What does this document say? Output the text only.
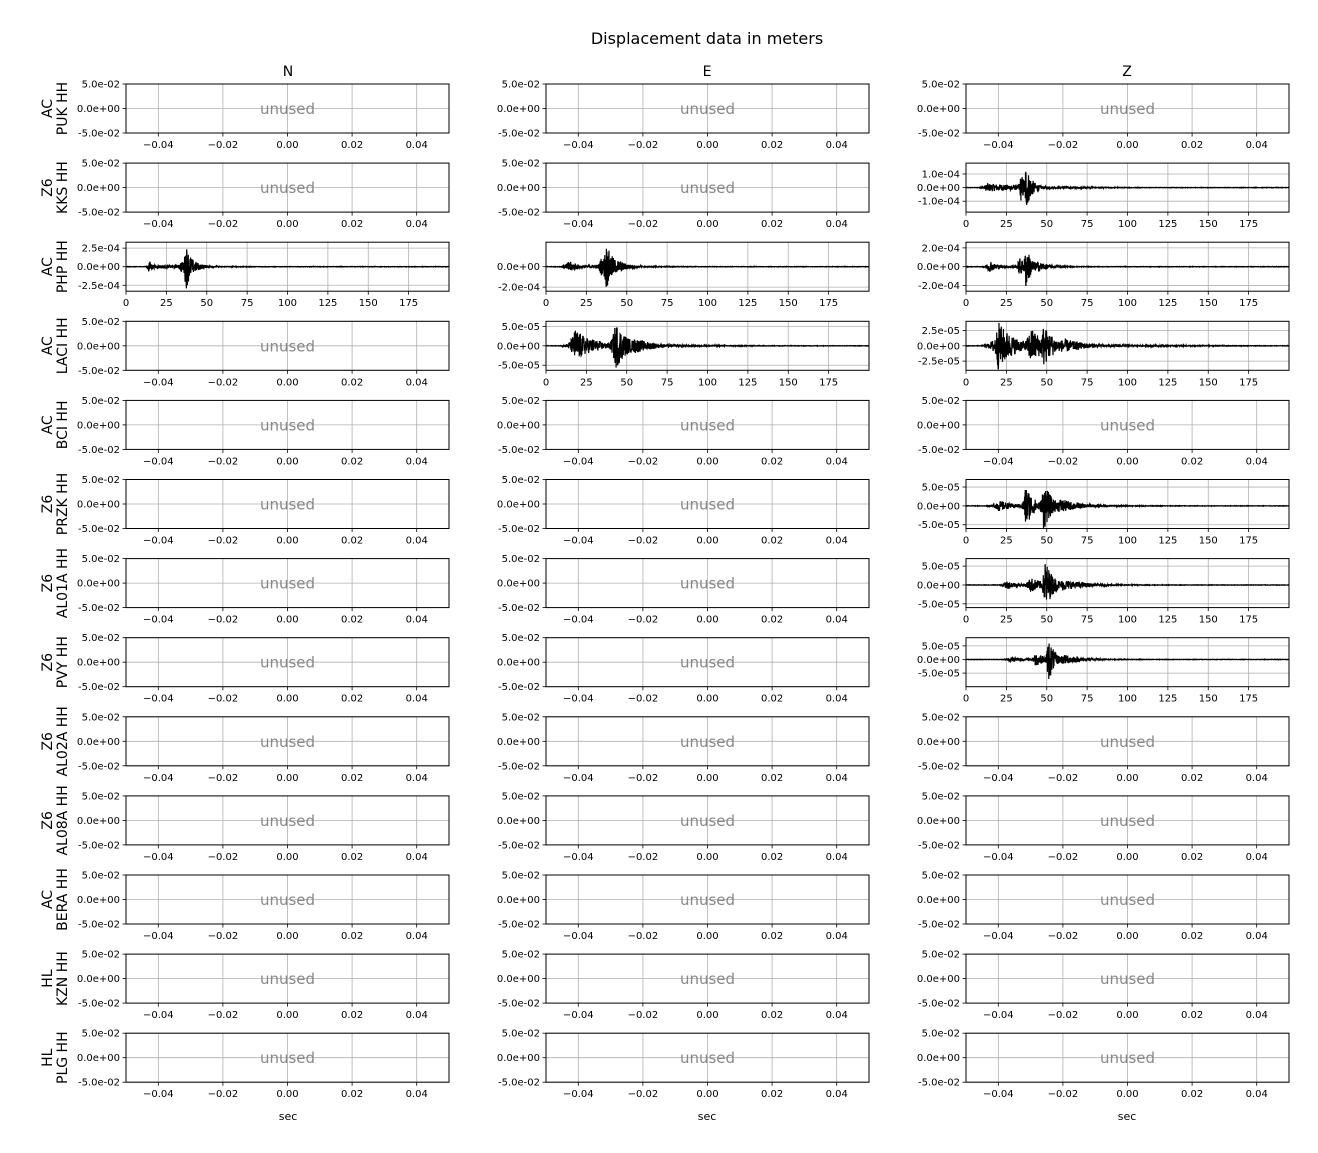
Displacement data in meters
N	E	Z
sec	sec	sec
AC PUK HH
−0.04	−0.02	0.00	0.02	0.04
-5.0e-02
0.0e+00
5.0e-02
unused
−0.04	−0.02	0.00	0.02	0.04
-5.0e-02
0.0e+00
5.0e-02
unused
−0.04	−0.02	0.00	0.02	0.04
-5.0e-02
0.0e+00
5.0e-02
unused
Z6 KKS HH
−0.04	−0.02	0.00	0.02	0.04
-5.0e-02
0.0e+00
5.0e-02
unused
−0.04	−0.02	0.00	0.02	0.04
-5.0e-02
0.0e+00
5.0e-02
unused
0	25	50	75 100 125 150 175
-1.0e-04
0.0e+00
1.0e-04
AC PHP HH
0	25	50	75 100 125 150 175
-2.5e-04
0.0e+00
2.5e-04
0	25	50	75 100 125 150 175
-2.0e-04
0.0e+00
0	25	50	75 100 125 150 175
-2.0e-04
0.0e+00
2.0e-04
AC LACI HH
−0.04	−0.02	0.00	0.02	0.04
-5.0e-02
0.0e+00
5.0e-02
unused
0	25	50	75 100 125 150 175
-5.0e-05
0.0e+00
5.0e-05
0	25	50	75 100 125 150 175
-2.5e-05
0.0e+00
2.5e-05
AC BCI HH
−0.04	−0.02	0.00	0.02	0.04
-5.0e-02
0.0e+00
5.0e-02
unused
−0.04	−0.02	0.00	0.02	0.04
-5.0e-02
0.0e+00
5.0e-02
unused
−0.04	−0.02	0.00	0.02	0.04
-5.0e-02
0.0e+00
5.0e-02
unused
Z6 PRZK HH
−0.04	−0.02	0.00	0.02	0.04
-5.0e-02
0.0e+00
5.0e-02
unused
−0.04	−0.02	0.00	0.02	0.04
-5.0e-02
0.0e+00
5.0e-02
unused
0	25	50	75 100 125 150 175
-5.0e-05
0.0e+00
5.0e-05
Z6 AL01A HH
−0.04	−0.02	0.00	0.02	0.04
-5.0e-02
0.0e+00
5.0e-02
unused
−0.04	−0.02	0.00	0.02	0.04
-5.0e-02
0.0e+00
5.0e-02
unused
0	25	50	75 100 125 150 175
-5.0e-05
0.0e+00
5.0e-05
Z6 PVY HH
−0.04	−0.02	0.00	0.02	0.04
-5.0e-02
0.0e+00
5.0e-02
unused
−0.04	−0.02	0.00	0.02	0.04
-5.0e-02
0.0e+00
5.0e-02
unused
0	25	50	75 100 125 150 175
-5.0e-05
0.0e+00
5.0e-05
Z6 AL02A HH
−0.04	−0.02	0.00	0.02	0.04
-5.0e-02
0.0e+00
5.0e-02
unused
−0.04	−0.02	0.00	0.02	0.04
-5.0e-02
0.0e+00
5.0e-02
unused
−0.04	−0.02	0.00	0.02	0.04
-5.0e-02
0.0e+00
5.0e-02
unused
Z6 AL08A HH
−0.04	−0.02	0.00	0.02	0.04
-5.0e-02
0.0e+00
5.0e-02
unused
−0.04	−0.02	0.00	0.02	0.04
-5.0e-02
0.0e+00
5.0e-02
unused
−0.04	−0.02	0.00	0.02	0.04
-5.0e-02
0.0e+00
5.0e-02
unused
AC BERA HH
−0.04	−0.02	0.00	0.02	0.04
-5.0e-02
0.0e+00
5.0e-02
unused
−0.04	−0.02	0.00	0.02	0.04
-5.0e-02
0.0e+00
5.0e-02
unused
−0.04	−0.02	0.00	0.02	0.04
-5.0e-02
0.0e+00
5.0e-02
unused
HL KZN HH
−0.04	−0.02	0.00	0.02	0.04
-5.0e-02
0.0e+00
5.0e-02
unused
−0.04	−0.02	0.00	0.02	0.04
-5.0e-02
0.0e+00
5.0e-02
unused
−0.04	−0.02	0.00	0.02	0.04
-5.0e-02
0.0e+00
5.0e-02
unused
HL PLG HH
−0.04	−0.02	0.00	0.02	0.04
-5.0e-02
0.0e+00
5.0e-02
unused
−0.04	−0.02	0.00	0.02	0.04
-5.0e-02
0.0e+00
5.0e-02
unused
−0.04	−0.02	0.00	0.02	0.04
-5.0e-02
0.0e+00
5.0e-02
unused
